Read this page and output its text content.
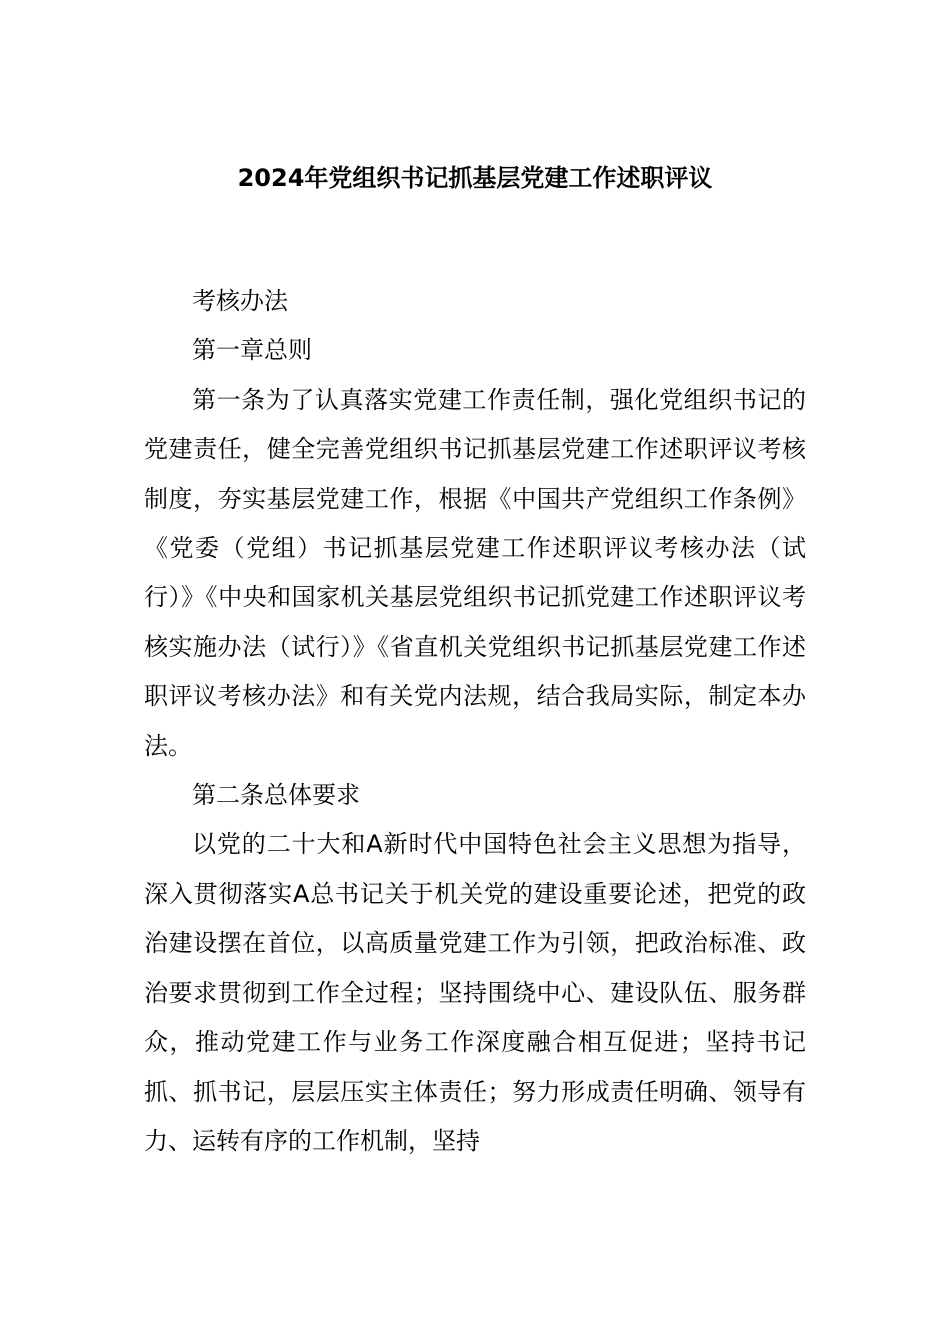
2024年党组织书记抓基层党建工作述职评议

考核办法

第一章总则

第一条为了认真落实党建工作责任制，强化党组织书记的党建责任，健全完善党组织书记抓基层党建工作述职评议考核制度，夯实基层党建工作，根据《中国共产党组织工作条例》《党委（党组）书记抓基层党建工作述职评议考核办法（试行）》《中央和国家机关基层党组织书记抓党建工作述职评议考核实施办法（试行）》《省直机关党组织书记抓基层党建工作述职评议考核办法》和有关党内法规，结合我局实际，制定本办法。

第二条总体要求

以党的二十大和A新时代中国特色社会主义思想为指导，深入贯彻落实A总书记关于机关党的建设重要论述，把党的政治建设摆在首位，以高质量党建工作为引领，把政治标准、政治要求贯彻到工作全过程；坚持围绕中心、建设队伍、服务群众，推动党建工作与业务工作深度融合相互促进；坚持书记抓、抓书记，层层压实主体责任；努力形成责任明确、领导有力、运转有序的工作机制，坚持
